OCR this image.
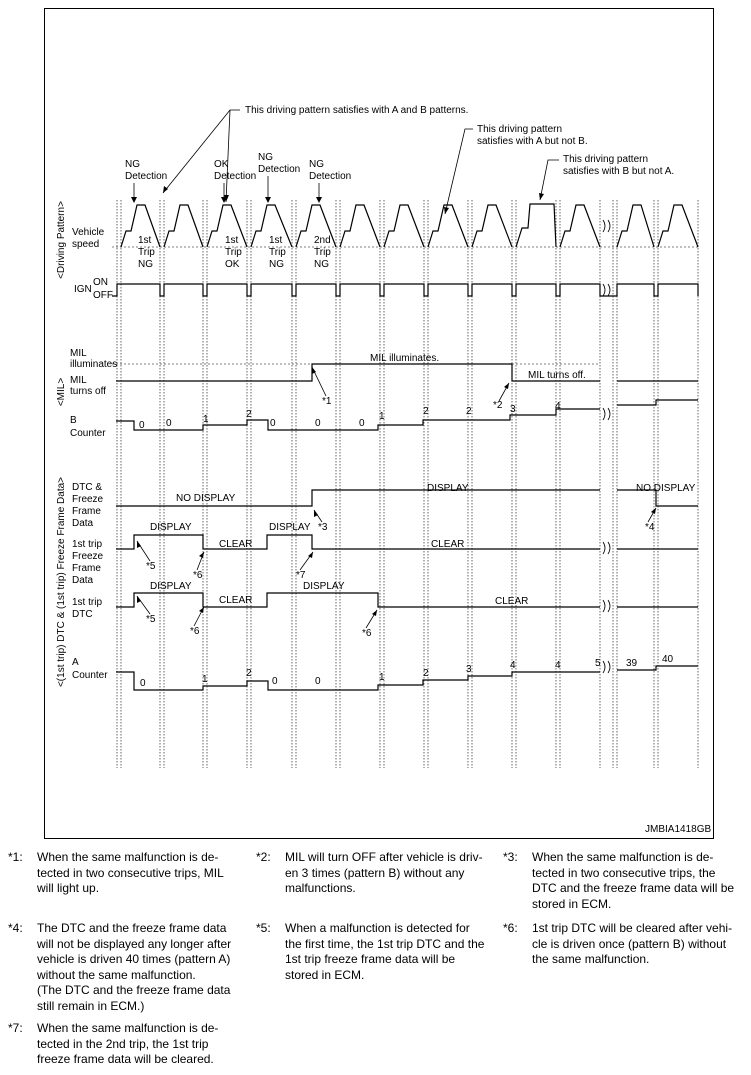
<Driving Pattern>
<MIL>
<(1st trip) DTC & (1st trip) Freeze Frame Data>
Vehicle speed
IGN
ON
OFF
MIL illuminates
MIL turns off
B Counter
DTC & Freeze Frame Data
1st trip Freeze Frame Data
1st trip DTC
A Counter
This driving pattern satisfies with A and B patterns.
This driving pattern satisfies with A but not B.
This driving pattern satisfies with B but not A.
NG Detection
OK Detection
NG Detection NG Detection
1st Trip NG
1st Trip OK
1st Trip NG
2nd Trip NG
MIL illuminates.
MIL turns off.
0 0	1	2
0	0	0
1	2	2	3	4
NO DISPLAY
DISPLAY	NO DISPLAY
DISPLAY
CLEAR
DISPLAY
CLEAR
DISPLAY
CLEAR
DISPLAY
CLEAR
0	1
2
0	0	1	2	3	4	4	5	39 40
*1	*2
*3	*4
*5
*6	*7
*5
*6	*6
JMBIA1418GB
*1: When the same malfunction is de-
tected in two consecutive trips, MIL
will light up.
*2: MIL will turn OFF after vehicle is driv-
en 3 times (pattern B) without any
malfunctions.
*3: When the same malfunction is de-
tected in two consecutive trips, the
DTC and the freeze frame data will be
stored in ECM.
*4: The DTC and the freeze frame data
will not be displayed any longer after
vehicle is driven 40 times (pattern A)
without the same malfunction.
(The DTC and the freeze frame data
still remain in ECM.)
*5: When a malfunction is detected for
the first time, the 1st trip DTC and the
1st trip freeze frame data will be
stored in ECM.
*6: 1st trip DTC will be cleared after vehi-
cle is driven once (pattern B) without
the same malfunction.
*7: When the same malfunction is de-
tected in the 2nd trip, the 1st trip
freeze frame data will be cleared.
